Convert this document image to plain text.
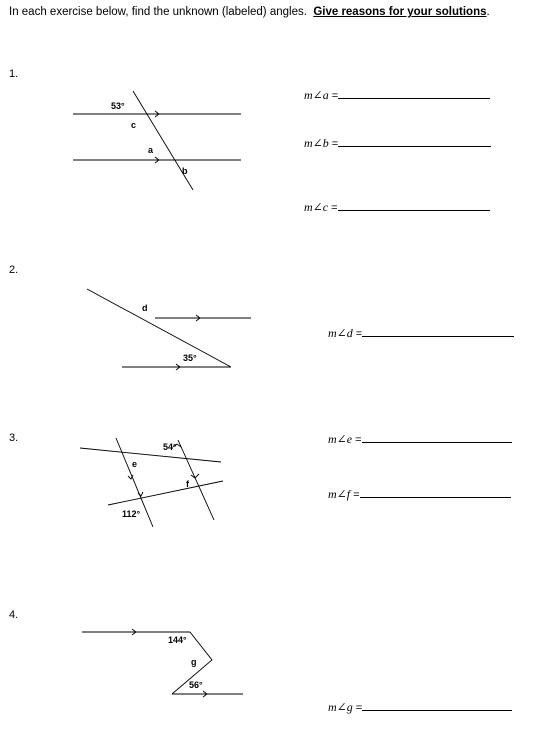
In each exercise below, find the unknown (labeled) angles. Give reasons for your solutions.
1.
2.
3.
4.
53°
c
a
b
d
35°
54°
e
f
112°
144°
g
56°
m∠a =
m∠b =
m∠c =
m∠d =
m∠e =
m∠f =
m∠g =
